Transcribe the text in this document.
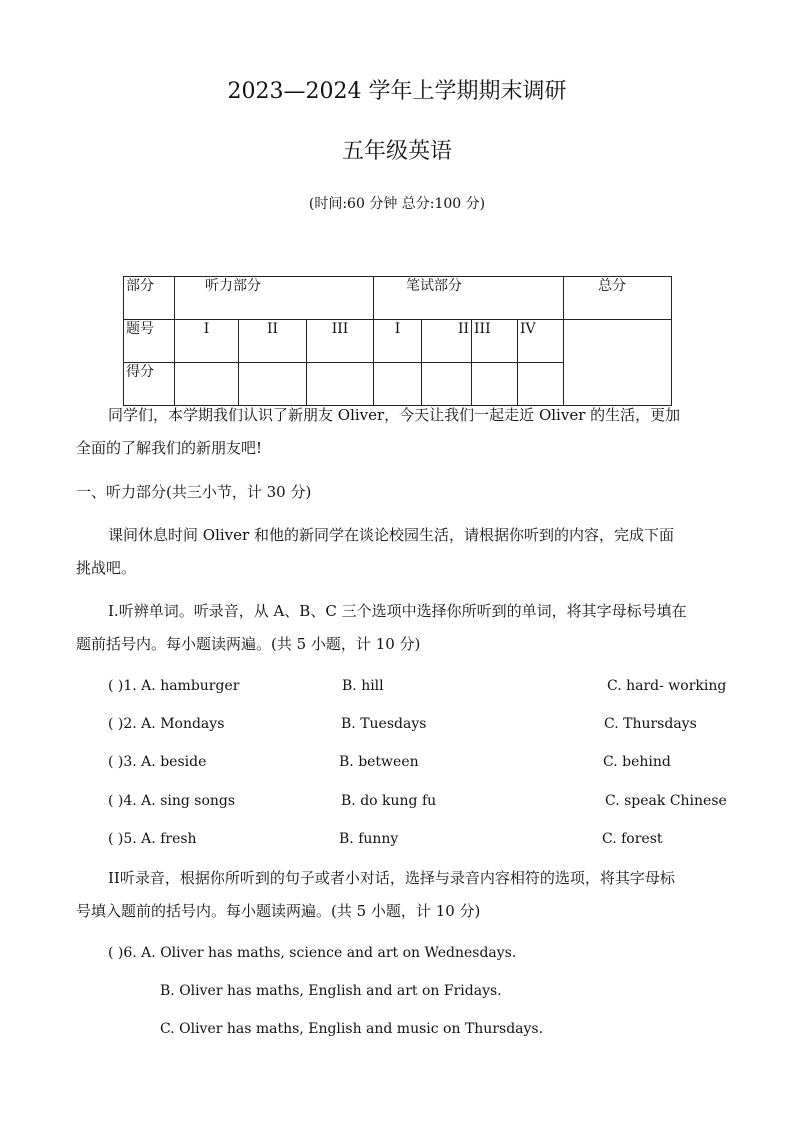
2023—2024 学年上学期期末调研
五年级英语
(时间:60 分钟 总分:100 分)
部分	听力部分			笔试部分				总分

题号	I	II	III	I	II	III	IV	

得分								

同学们，本学期我们认识了新朋友 Oliver，今天让我们一起走近 Oliver 的生活，更加
全面的了解我们的新朋友吧!
一、听力部分(共三小节，计 30 分)
课间休息时间 Oliver 和他的新同学在谈论校园生活，请根据你听到的内容，完成下面
挑战吧。
I.听辨单词。听录音，从 A、B、C 三个选项中选择你所听到的单词，将其字母标号填在
题前括号内。每小题读两遍。(共 5 小题，计 10 分)
( )1. A. hamburger	B. hill	C. hard- working
( )2. A. Mondays	B. Tuesdays	C. Thursdays
( )3. A. beside	B. between	C. behind
( )4. A. sing songs	B. do kung fu	C. speak Chinese
( )5. A. fresh	B. funny	C. forest
II听录音，根据你所听到的句子或者小对话，选择与录音内容相符的选项，将其字母标
号填入题前的括号内。每小题读两遍。(共 5 小题，计 10 分)
( )6. A. Oliver has maths, science and art on Wednesdays.
B. Oliver has maths, English and art on Fridays.
C. Oliver has maths, English and music on Thursdays.
